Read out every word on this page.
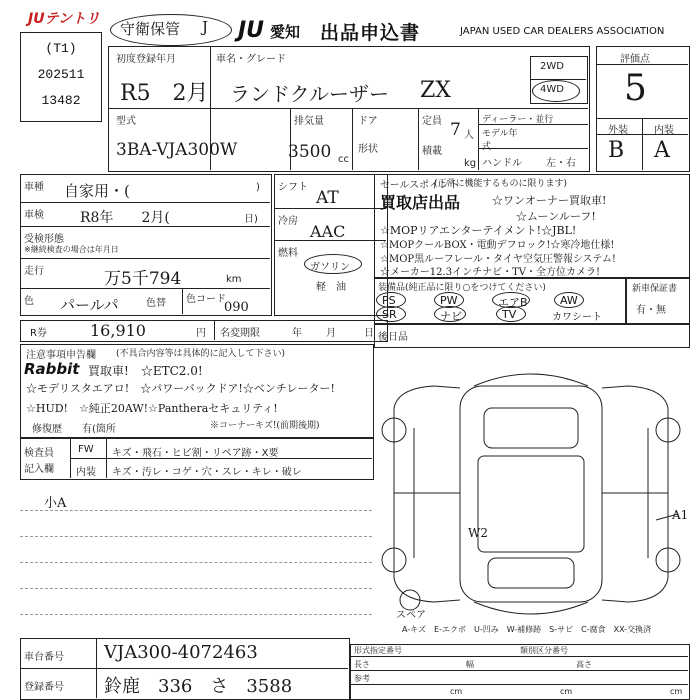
JUテントリ
守衛保管 J JU 愛知 出品申込書	JAPAN USED CAR DEALERS ASSOCIATION
(T1)
202511
13482
初度登録年月	車名・グレード
R5　2月 ランドクルーザー ZX
2WD
4WD
型式
3BA-VJA300W
排気量
3500 cc
ドア
形状
定員 7 人
積載
kg
ディーラー・並行
モデル年式
ハンドル 左・右
評価点
5
外装	内装
B A
車種 自家用・(	)
車検	R8年　　2月(	日)
受検形態
※継続検査の場合は年月日
走行	万5千794	km
色 パールパ	色替 色コード
090
シフト
AT
冷房
AAC
燃料
ガソリン
軽　油
R券	16,910	円 名変期限	年 月	日
セールスポイント
(正常に機能するものに限ります)
買取店出品	☆ワンオーナー買取車!
☆ムーンルーフ!
☆MOPリアエンターテイメント!☆JBL!
☆MOPクールBOX・電動デフロック!☆寒冷地仕様!
☆MOP黒ルーフレール・タイヤ空気圧警報システム!
☆メーカー12.3インチナビ・TV・全方位カメラ!
装備品(純正品に限り○をつけてください)
PS	PW	エアB	AW
SR	ナビ	TV	カワシート
新車保証書
有・無
後日品
注意事項申告欄 (不具合内容等は具体的に記入して下さい)
Rabbit 買取車!　☆ETC2.0!
☆モデリスタエアロ!　☆パワーバックドア!☆ベンチレーター!
☆HUD!　☆純正20AW!☆Pantheraセキュリティ!
修復歴　　有(箇所	※コーナーキズ!(前期後期)
検査員
記入欄
FW キズ・飛石・ヒビ割・リペア跡・X要
内装 キズ・汚レ・コゲ・穴・スレ・キレ・破レ
小A
W2
A1
スペア
A-キズ　E-エクボ　U-凹み　W-補修跡　S-サビ　C-腐食　XX-交換済
車台番号 VJA300-4072463
登録番号 鈴鹿　336　さ　3588
形式指定番号	類別区分番号
長さ	幅	高さ
参考
cm	cm	cm
